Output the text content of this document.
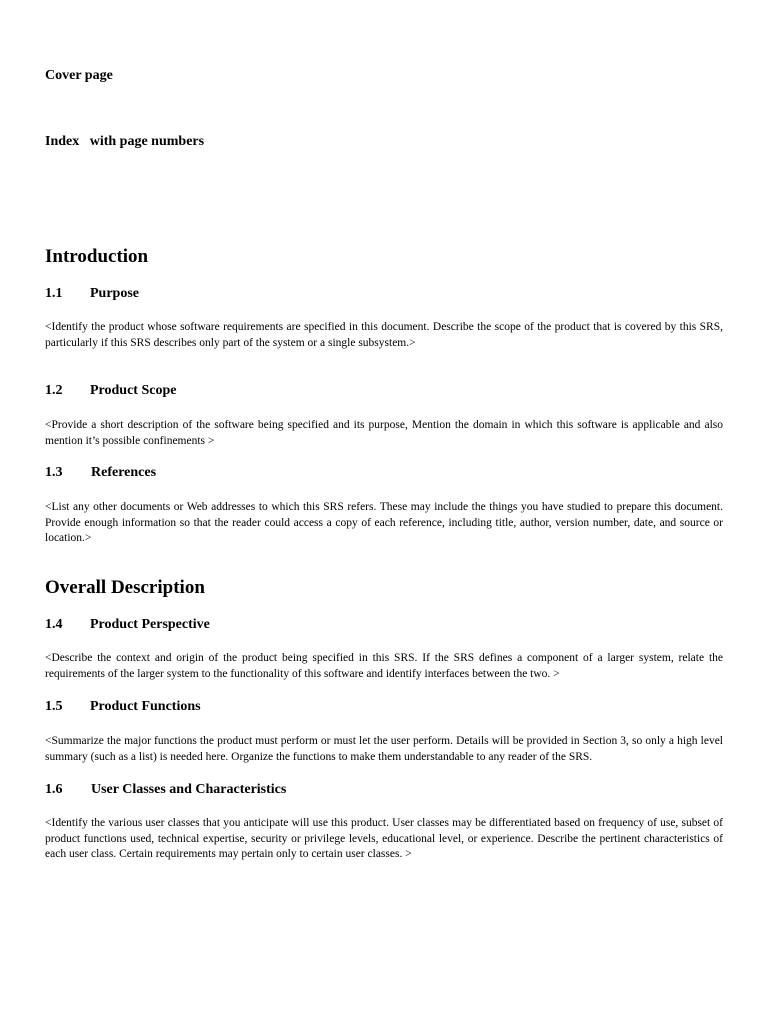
Cover page

Index   with page numbers

Introduction
1.1	Purpose

<Identify the product whose software requirements are specified in this document. Describe the scope of the product that is covered by this SRS, particularly if this SRS describes only part of the system or a single subsystem.>

1.2	Product Scope

<Provide a short description of the software being specified and its purpose, Mention the domain in which this software is applicable and also mention it’s possible confinements >

1.3	References

<List any other documents or Web addresses to which this SRS refers. These may include the things you have studied to prepare this document. Provide enough information so that the reader could access a copy of each reference, including title, author, version number, date, and source or location.>

Overall Description
1.4	Product Perspective

<Describe the context and origin of the product being specified in this SRS. If the SRS defines a component of a larger system, relate the requirements of the larger system to the functionality of this software and identify interfaces between the two. >

1.5	Product Functions

<Summarize the major functions the product must perform or must let the user perform. Details will be provided in Section 3, so only a high level summary (such as a list) is needed here. Organize the functions to make them understandable to any reader of the SRS.

1.6	User Classes and Characteristics

<Identify the various user classes that you anticipate will use this product. User classes may be differentiated based on frequency of use, subset of product functions used, technical expertise, security or privilege levels, educational level, or experience. Describe the pertinent characteristics of each user class. Certain requirements may pertain only to certain user classes. >
